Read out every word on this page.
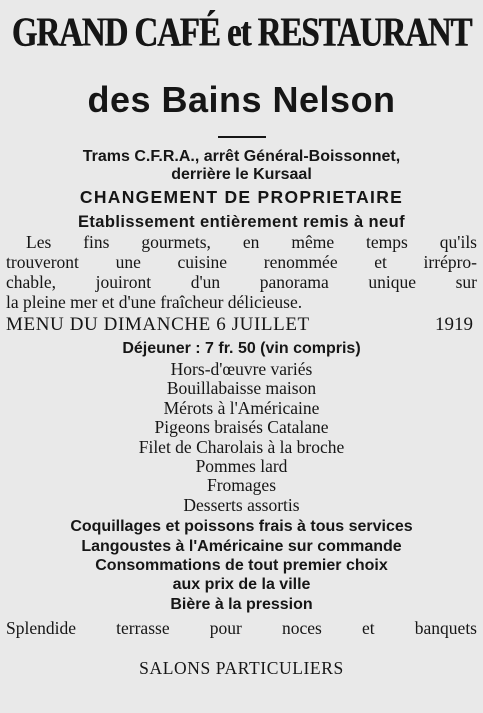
GRAND CAFÉ et RESTAURANT
des Bains Nelson

Trams C.F.R.A., arrêt Général-Boissonnet,

derrière le Kursaal

CHANGEMENT DE PROPRIETAIRE

Etablissement entièrement remis à neuf

Les fins gourmets, en même temps qu'ils
trouveront une cuisine renommée et irrépro-
chable, jouiront d'un panorama unique sur
la pleine mer et d'une fraîcheur délicieuse.
MENU DU DIMANCHE 6 JUILLET	1919

Déjeuner : 7 fr. 50 (vin compris)

Hors-d'œuvre variés

Bouillabaisse maison

Mérots à l'Américaine

Pigeons braisés Catalane

Filet de Charolais à la broche

Pommes lard

Fromages

Desserts assortis

Coquillages et poissons frais à tous services

Langoustes à l'Américaine sur commande

Consommations de tout premier choix

aux prix de la ville

Bière à la pression

Splendide terrasse pour noces et banquets

SALONS PARTICULIERS
